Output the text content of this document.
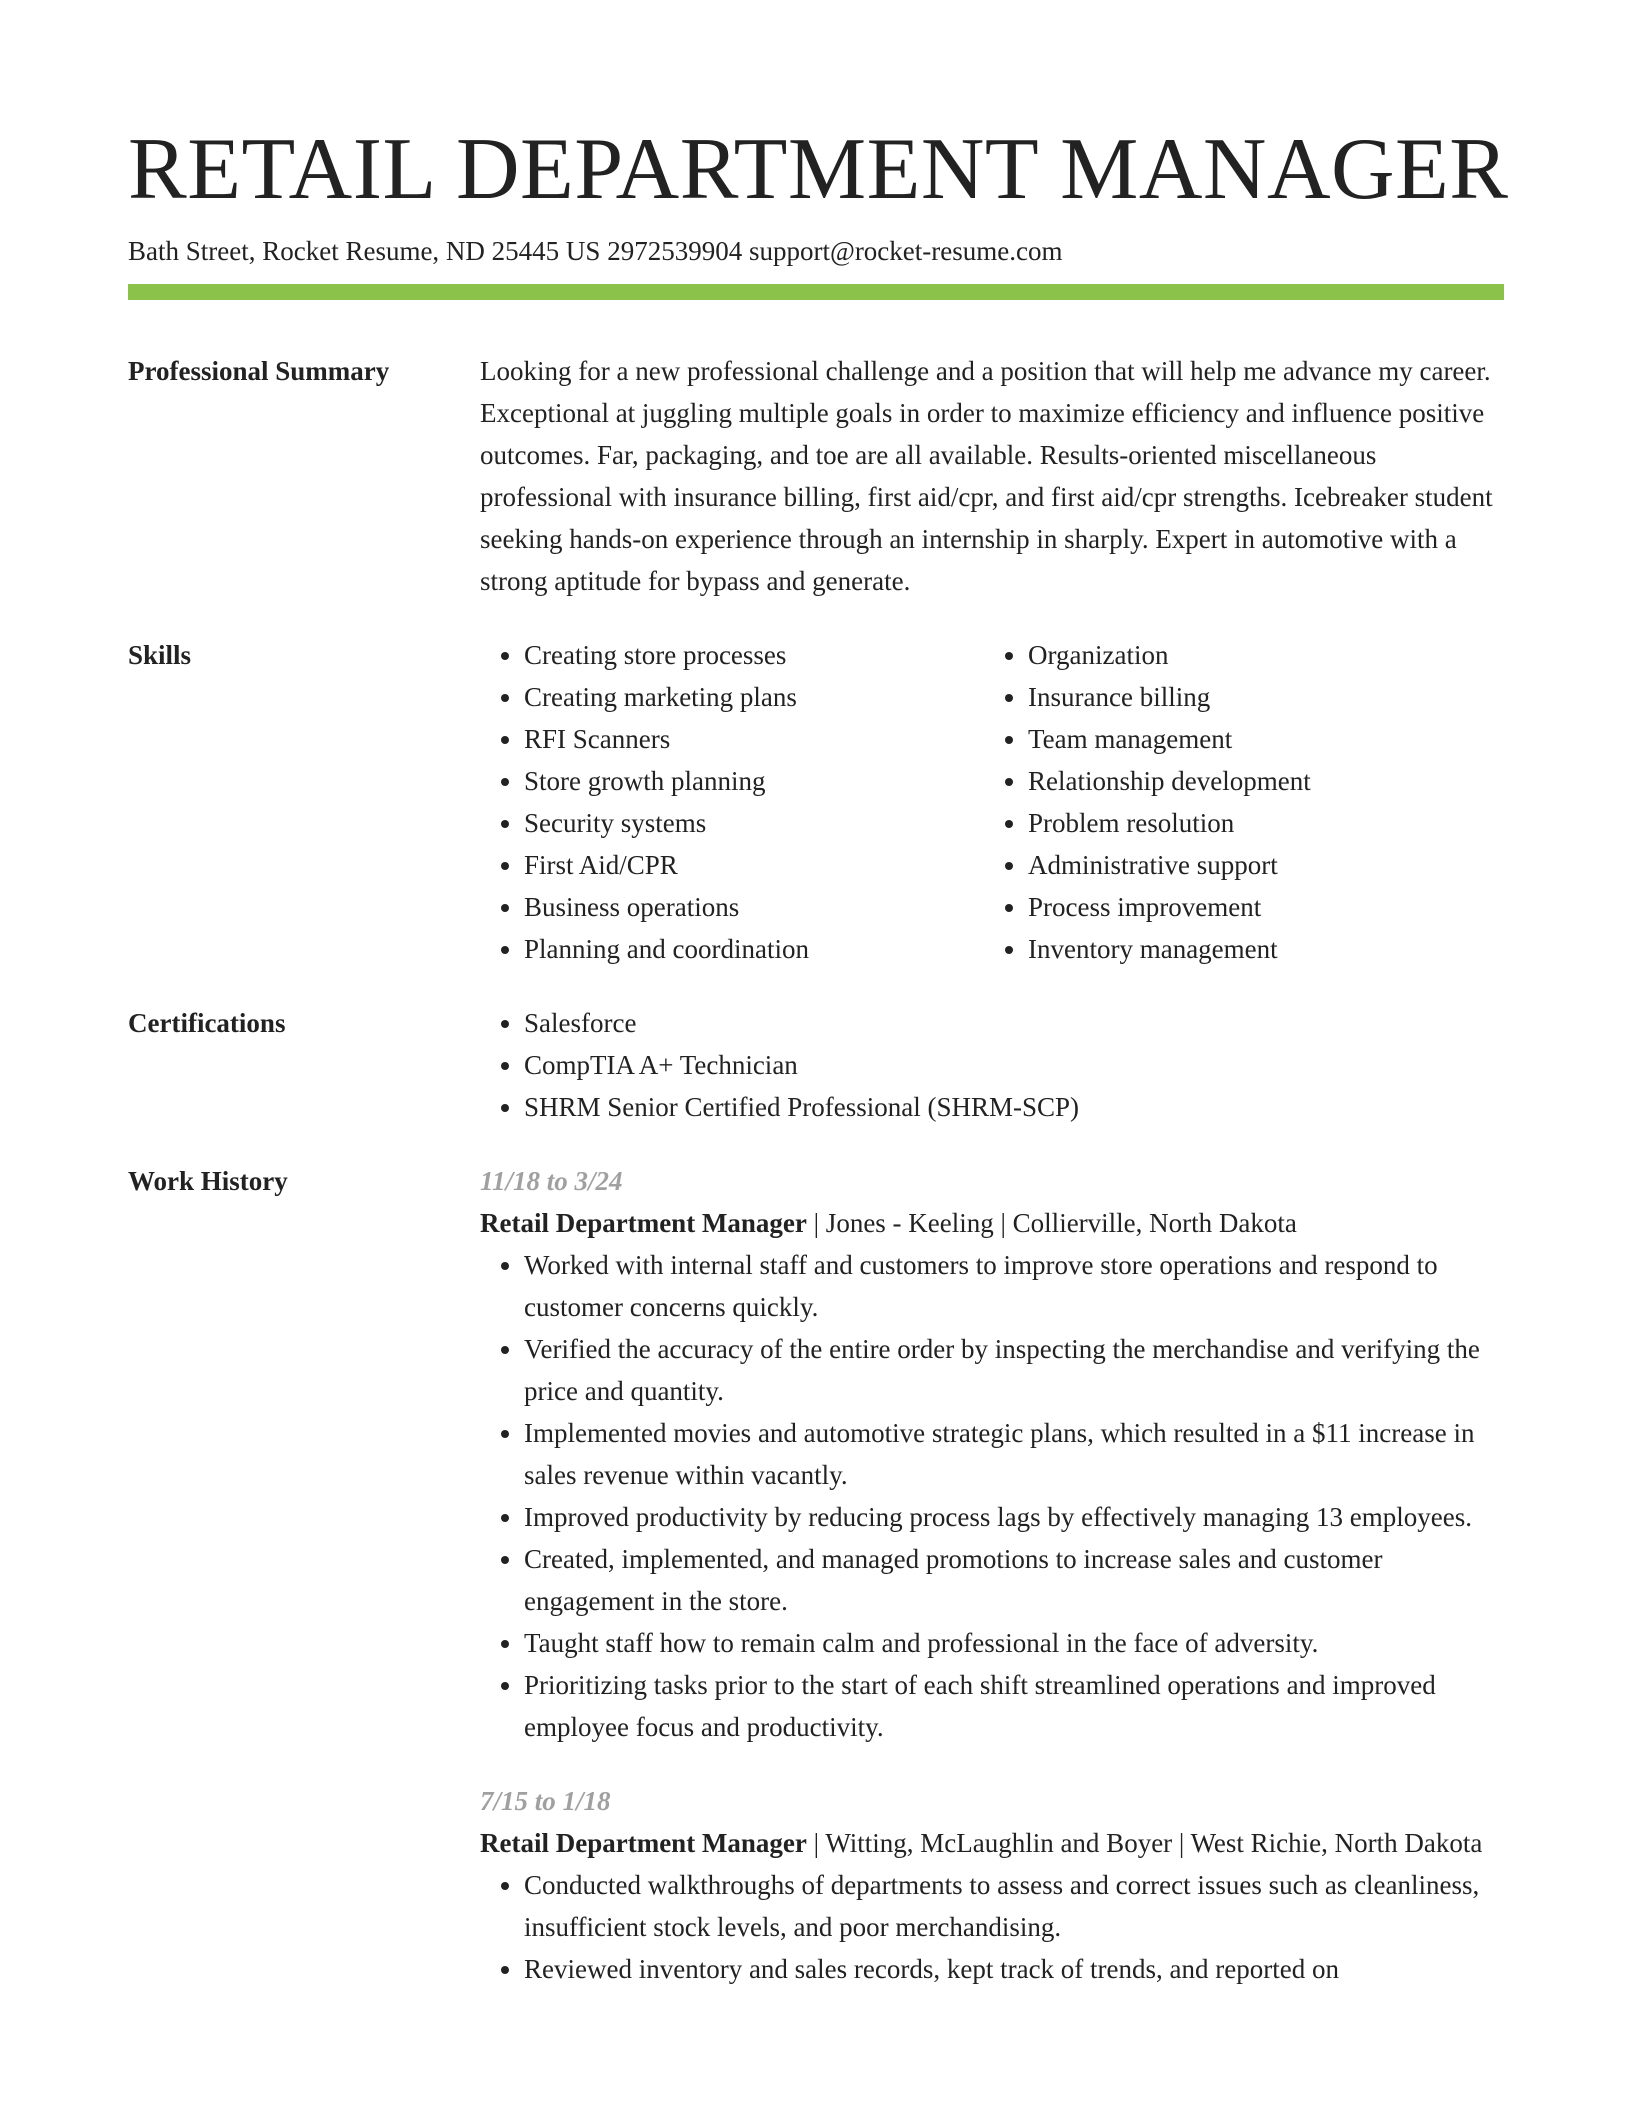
RETAIL DEPARTMENT MANAGER
Bath Street, Rocket Resume, ND 25445 US 2972539904 support@rocket-resume.com
Professional Summary	Looking for a new professional challenge and a position that will help me advance my career. Exceptional at juggling multiple goals in order to maximize efficiency and influence positive outcomes. Far, packaging, and toe are all available. Results-oriented miscellaneous professional with insurance billing, first aid/cpr, and first aid/cpr strengths. Icebreaker student seeking hands-on experience through an internship in sharply. Expert in automotive with a strong aptitude for bypass and generate.

Skills	• Creating store processes
• Creating marketing plans
• RFI Scanners
• Store growth planning
• Security systems
• First Aid/CPR
• Business operations
• Planning and coordination
• Organization
• Insurance billing
• Team management
• Relationship development
• Problem resolution
• Administrative support
• Process improvement
• Inventory management
Certifications	• Salesforce
• CompTIA A+ Technician
• SHRM Senior Certified Professional (SHRM-SCP)
Work History	11/18 to 3/24

Retail Department Manager | Jones - Keeling | Collierville, North Dakota

• Worked with internal staff and customers to improve store operations and respond to customer concerns quickly.
• Verified the accuracy of the entire order by inspecting the merchandise and verifying the price and quantity.
• Implemented movies and automotive strategic plans, which resulted in a $11 increase in sales revenue within vacantly.
• Improved productivity by reducing process lags by effectively managing 13 employees.
• Created, implemented, and managed promotions to increase sales and customer engagement in the store.
• Taught staff how to remain calm and professional in the face of adversity.
• Prioritizing tasks prior to the start of each shift streamlined operations and improved employee focus and productivity.
7/15 to 1/18

Retail Department Manager | Witting, McLaughlin and Boyer | West Richie, North Dakota

• Conducted walkthroughs of departments to assess and correct issues such as cleanliness, insufficient stock levels, and poor merchandising.
• Reviewed inventory and sales records, kept track of trends, and reported on
